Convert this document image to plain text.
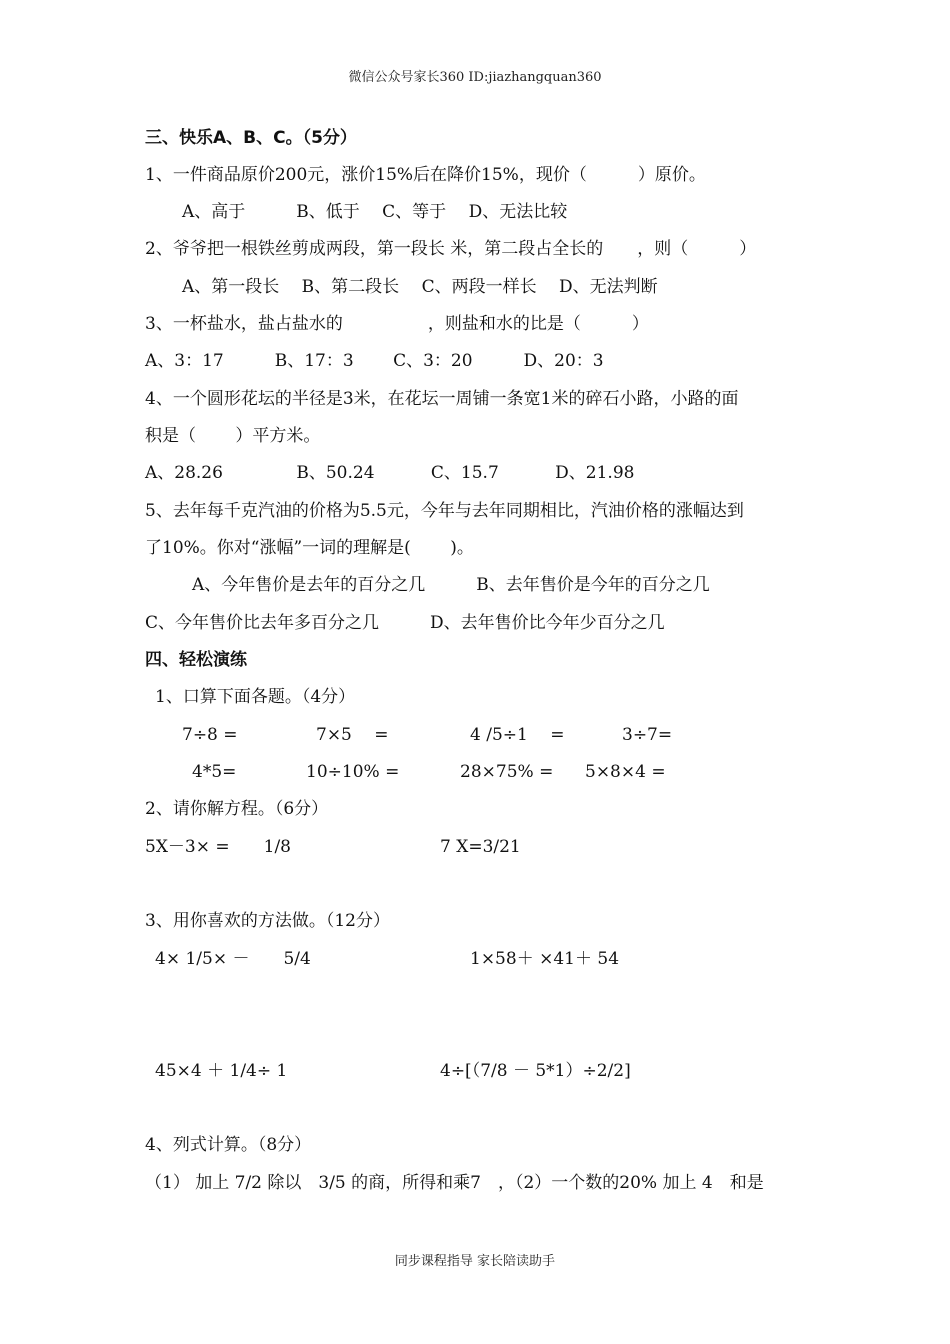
微信公众号家长360 ID:jiazhangquan360
三、快乐A、B、C。（5分）
1、一件商品原价200元，涨价15%后在降价15%，现价（　　　）原价。
A、高于　　　B、低于　 C、等于　 D、无法比较
2、爷爷把一根铁丝剪成两段，第一段长 米，第二段占全长的　　，则（　　　）
A、第一段长　 B、第二段长　 C、两段一样长　 D、无法判断
3、一杯盐水，盐占盐水的　　　　　，则盐和水的比是（　　　）
A、3：17　　　B、17：3　　 C、3：20　　　D、20：3
4、一个圆形花坛的半径是3米，在花坛一周铺一条宽1米的碎石小路，小路的面
积是（　　 ）平方米。
A、28.26　　　　 B、50.24　　　 C、15.7　　　 D、21.98
5、去年每千克汽油的价格为5.5元，今年与去年同期相比，汽油价格的涨幅达到
了10%。你对“涨幅”一词的理解是(　　 )。
A、今年售价是去年的百分之几　　　B、去年售价是今年的百分之几
C、今年售价比去年多百分之几　　　D、去年售价比今年少百分之几
四、轻松演练
1、口算下面各题。（4分）
7÷8 =	7×5　 =	4 /5÷1　 =	3÷7=
4*5=	10÷10% =	28×75% = 5×8×4 =
2、请你解方程。（6分）
5X－3× =　　1/8	7 X=3/21
3、用你喜欢的方法做。（12分）
4× 1/5× －　　5/4	1×58＋ ×41＋ 54
45×4 ＋ 1/4÷ 1	4÷[（7/8 － 5*1）÷2/2]
4、列式计算。（8分）
（1） 加上 7/2 除以　3/5 的商，所得和乘7　，（2）一个数的20% 加上 4　和是
同步课程指导 家长陪读助手
